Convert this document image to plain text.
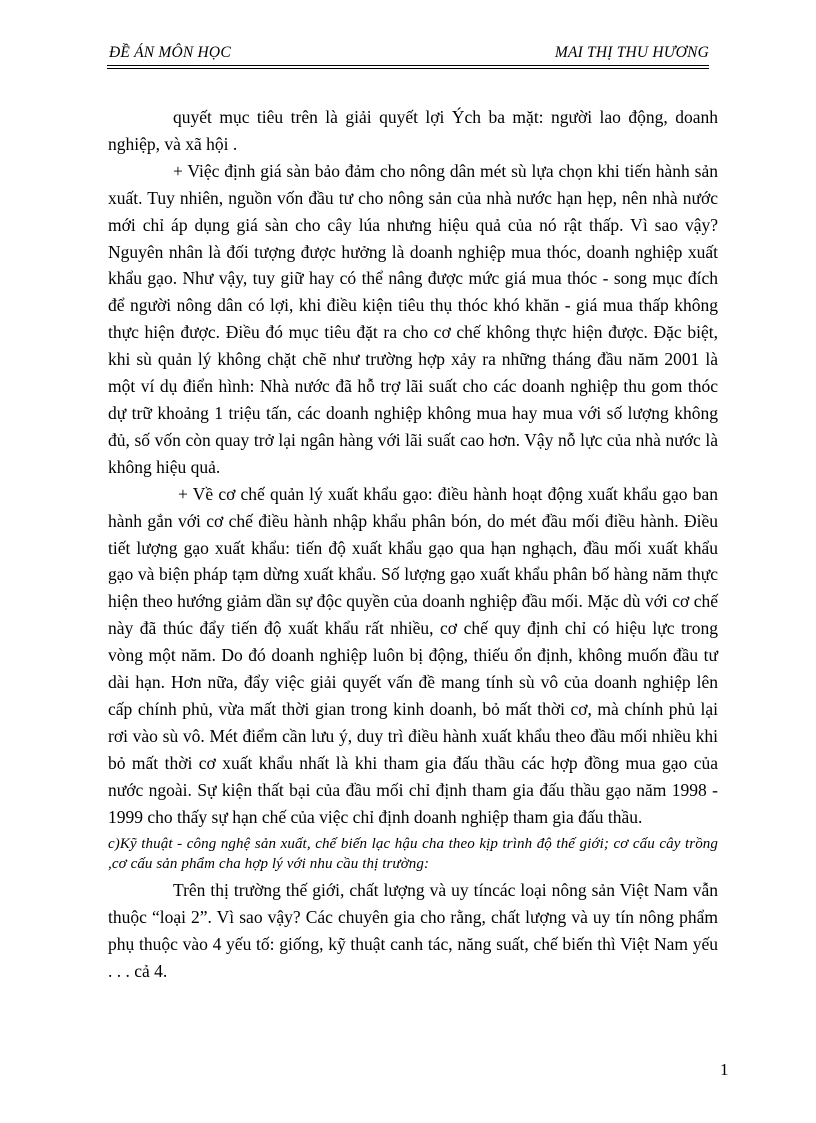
ĐỀ ÁN MÔN HỌC	MAI THỊ THU HƯƠNG

quyết mục tiêu trên là giải quyết lợi Ých ba mặt: người lao động, doanh nghiệp, và xã hội .

+ Việc định giá sàn bảo đảm cho nông dân mét sù lựa chọn khi tiến hành sản xuất. Tuy nhiên, nguồn vốn đầu tư cho nông sản của nhà nước hạn hẹp, nên nhà nước mới chỉ áp dụng giá sàn cho cây lúa nhưng hiệu quả của nó rật thấp. Vì sao vậy? Nguyên nhân là đối tượng được hưởng là doanh nghiệp mua thóc, doanh nghiệp xuất khẩu gạo. Như vậy, tuy giữ hay có thể nâng được mức giá mua thóc - song mục đích để người nông dân có lợi, khi điều kiện tiêu thụ thóc khó khăn - giá mua thấp không thực hiện được. Điều đó mục tiêu đặt ra cho cơ chế không thực hiện được. Đặc biệt, khi sù quản lý không chặt chẽ như trường hợp xảy ra những tháng đầu năm 2001 là một ví dụ điển hình: Nhà nước đã hỗ trợ lãi suất cho các doanh nghiệp thu gom thóc dự trữ khoảng 1 triệu tấn, các doanh nghiệp không mua hay mua với số lượng không đủ, số vốn còn quay trở lại ngân hàng với lãi suất cao hơn. Vậy nỗ lực của nhà nước là không hiệu quả.

+ Về cơ chế quản lý xuất khẩu gạo: điều hành hoạt động xuất khẩu gạo ban hành gắn với cơ chế điều hành nhập khẩu phân bón, do mét đầu mối điều hành. Điều tiết lượng gạo xuất khẩu: tiến độ xuất khẩu gạo qua hạn nghạch, đầu mối xuất khẩu gạo và biện pháp tạm dừng xuất khẩu. Số lượng gạo xuất khẩu phân bố hàng năm thực hiện theo hướng giảm dần sự độc quyền của doanh nghiệp đầu mối. Mặc dù với cơ chế này đã thúc đẩy tiến độ xuất khẩu rất nhiều, cơ chế quy định chỉ có hiệu lực trong vòng một năm. Do đó doanh nghiệp luôn bị động, thiếu ổn định, không muốn đầu tư dài hạn. Hơn nữa, đẩy việc giải quyết vấn đề mang tính sù vô của doanh nghiệp lên cấp chính phủ, vừa mất thời gian trong kinh doanh, bỏ mất thời cơ, mà chính phủ lại rơi vào sù vô. Mét điểm cần lưu ý, duy trì điều hành xuất khẩu theo đầu mối nhiều khi bỏ mất thời cơ xuất khẩu nhất là khi tham gia đấu thầu các hợp đồng mua gạo của nước ngoài. Sự kiện thất bại của đầu mối chỉ định tham gia đấu thầu gạo năm 1998 - 1999 cho thấy sự hạn chế của việc chỉ định doanh nghiệp tham gia đấu thầu.

c)Kỹ thuật - công nghệ sản xuất, chế biến lạc hậu cha theo kịp trình độ thế giới; cơ cấu cây trồng ,cơ cấu sản phẩm cha hợp lý với nhu cầu thị trường:

Trên thị trường thế giới, chất lượng và uy tíncác loại nông sản Việt Nam vẫn thuộc “loại 2”. Vì sao vậy? Các chuyên gia cho rằng, chất lượng và uy tín nông phẩm phụ thuộc vào 4 yếu tố: giống, kỹ thuật canh tác, năng suất, chế biến thì Việt Nam yếu . . . cả 4.

1
